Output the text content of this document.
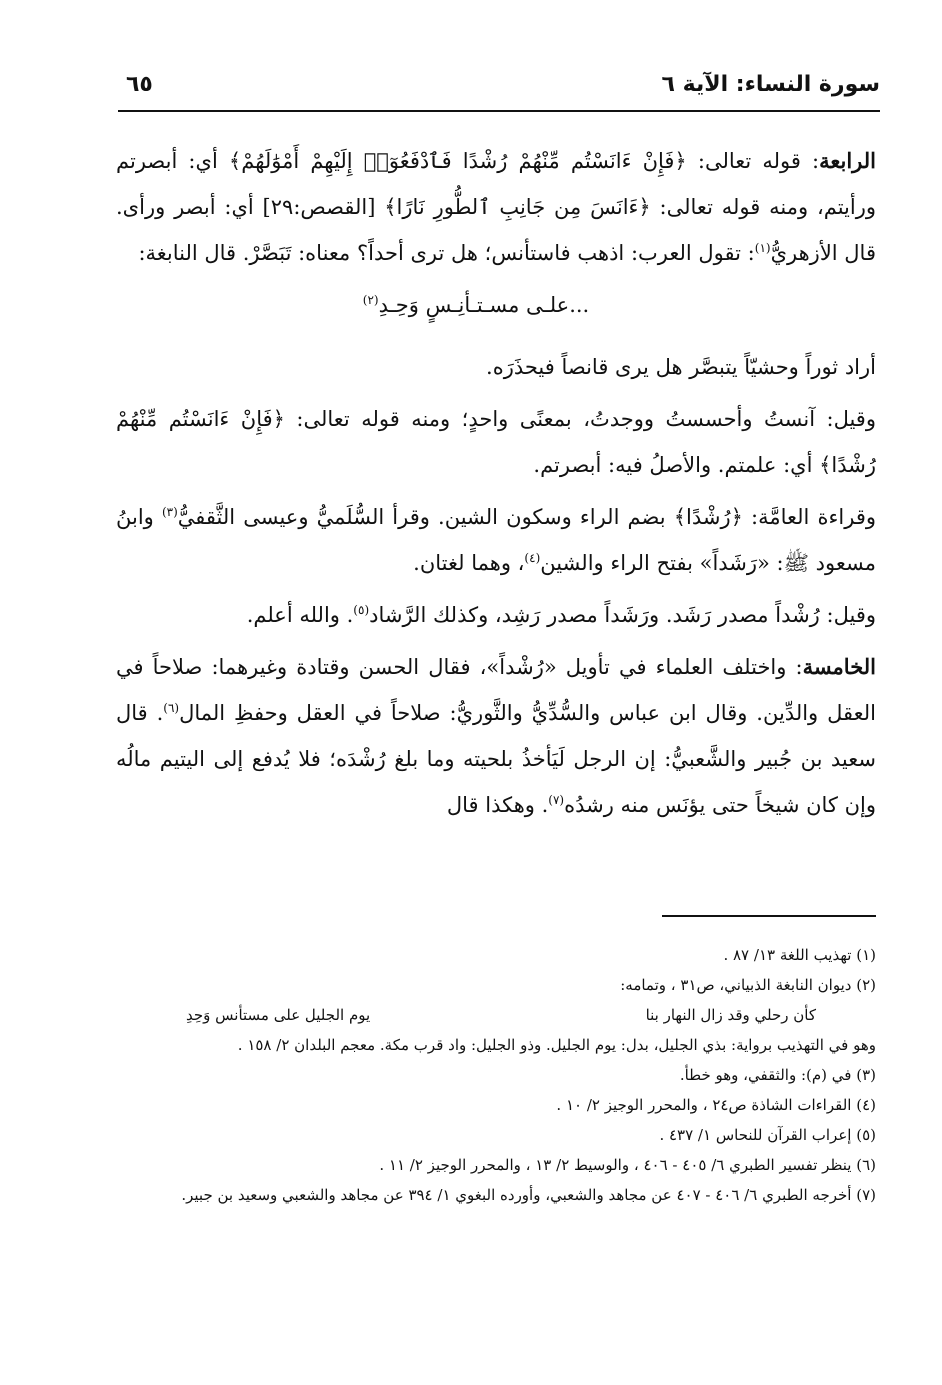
سورة النساء: الآية ٦
٦٥

الرابعة: قوله تعالى: ﴿فَإِنْ ءَانَسْتُم مِّنْهُمْ رُشْدًا فَٱدْفَعُوٓا۟ إِلَيْهِمْ أَمْوَٰلَهُمْ﴾ أي: أبصرتم ورأيتم، ومنه قوله تعالى: ﴿ءَانَسَ مِن جَانِبِ ٱلطُّورِ نَارًا﴾ [القصص:٢٩] أي: أبصر ورأى. قال الأزهريُّ$^{(١)}$: تقول العرب: اذهب فاستأنس؛ هل ترى أحداً؟ معناه: تَبَصَّرْ. قال النابغة:

...علـى مسـتـأنِـسٍ وَحِـدِ$^{(٢)}$

أراد ثوراً وحشيّاً يتبصَّر هل يرى قانصاً فيحذَرَه.

وقيل: آنستُ وأحسستُ ووجدتُ، بمعنًى واحدٍ؛ ومنه قوله تعالى: ﴿فَإِنْ ءَانَسْتُم مِّنْهُمْ رُشْدًا﴾ أي: علمتم. والأصلُ فيه: أبصرتم.

وقراءة العامَّة: ﴿رُشْدًا﴾ بضم الراء وسكون الشين. وقرأ السُّلَميُّ وعيسى الثَّقفيُّ$^{(٣)}$ وابنُ مسعود ﷺ: «رَشَداً» بفتح الراء والشين$^{(٤)}$، وهما لغتان.

وقيل: رُشْداً مصدر رَشَد. ورَشَداً مصدر رَشِد، وكذلك الرَّشاد$^{(٥)}$. والله أعلم.

الخامسة: واختلف العلماء في تأويل «رُشْداً»، فقال الحسن وقتادة وغيرهما: صلاحاً في العقل والدِّين. وقال ابن عباس والسُّدِّيُّ والثَّوريُّ: صلاحاً في العقل وحفظِ المال$^{(٦)}$. قال سعيد بن جُبير والشَّعبيُّ: إن الرجل لَيَأخذُ بلحيته وما بلغ رُشْدَه؛ فلا يُدفع إلى اليتيم مالُه وإن كان شيخاً حتى يؤنَس منه رشدُه$^{(٧)}$. وهكذا قال

(١) تهذيب اللغة ١٣/ ٨٧ .

(٢) ديوان النابغة الذبياني، ص٣١ ، وتمامه:

كأن رحلي وقد زال النهار بنا
يوم الجليل على مستأنس وَحِدِ

وهو في التهذيب برواية: بذي الجليل، بدل: يوم الجليل. وذو الجليل: واد قرب مكة. معجم البلدان ٢/ ١٥٨ .

(٣) في (م): والثقفي، وهو خطأ.

(٤) القراءات الشاذة ص٢٤ ، والمحرر الوجيز ٢/ ١٠ .

(٥) إعراب القرآن للنحاس ١/ ٤٣٧ .

(٦) ينظر تفسير الطبري ٦/ ٤٠٥ - ٤٠٦ ، والوسيط ٢/ ١٣ ، والمحرر الوجيز ٢/ ١١ .

(٧) أخرجه الطبري ٦/ ٤٠٦ - ٤٠٧ عن مجاهد والشعبي، وأورده البغوي ١/ ٣٩٤ عن مجاهد والشعبي وسعيد بن جبير.
